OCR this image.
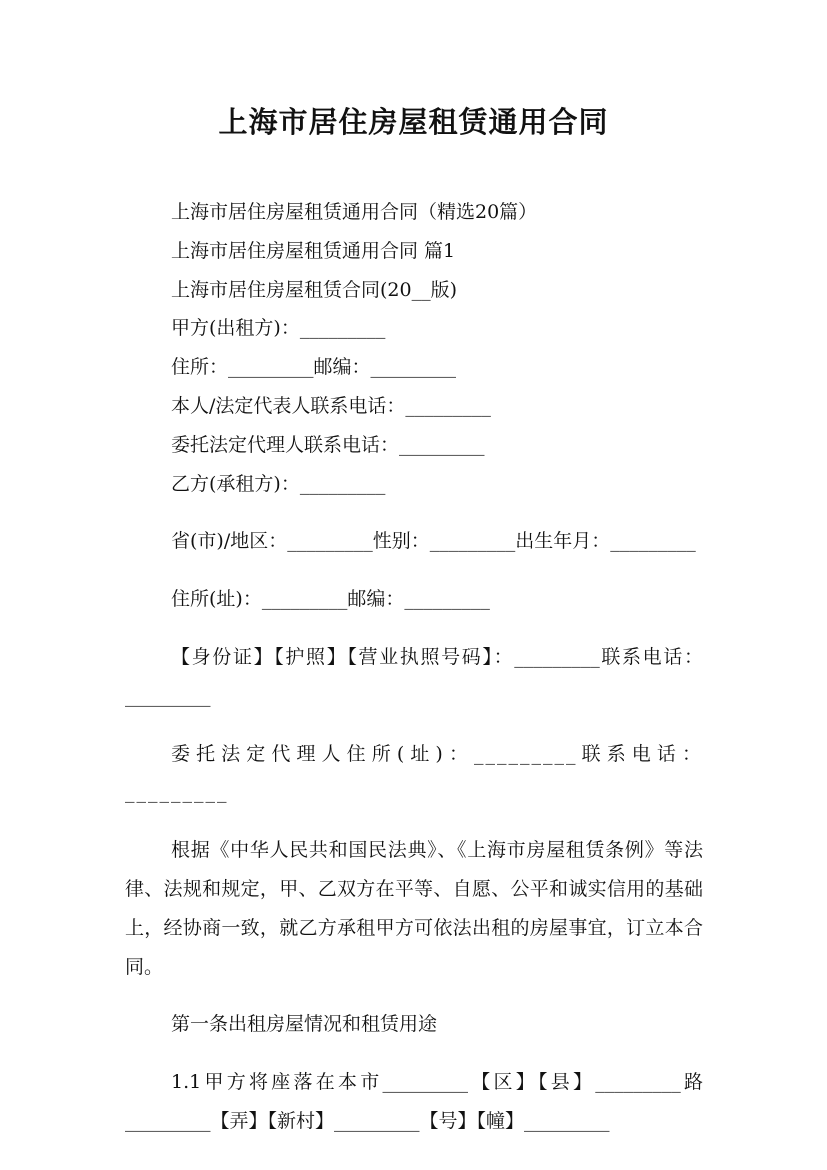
上海市居住房屋租赁通用合同

上海市居住房屋租赁通用合同（精选20篇）

上海市居住房屋租赁通用合同 篇1

上海市居住房屋租赁合同(20__版)

甲方(出租方)：_________

住所：_________邮编：_________

本人/法定代表人联系电话：_________

委托法定代理人联系电话：_________

乙方(承租方)：_________

省(市)/地区：_________性别：_________出生年月：_________

住所(址)：_________邮编：_________

【身份证】【护照】【营业执照号码】：_________联系电话：_________

委托法定代理人住所(址)：_________联系电话：_________

根据《中华人民共和国民法典》、《上海市房屋租赁条例》等法律、法规和规定，甲、乙双方在平等、自愿、公平和诚实信用的基础上，经协商一致，就乙方承租甲方可依法出租的房屋事宜，订立本合同。

第一条出租房屋情况和租赁用途

1.1甲方将座落在本市_________【区】【县】_________路_________【弄】【新村】_________【号】【幢】_________
